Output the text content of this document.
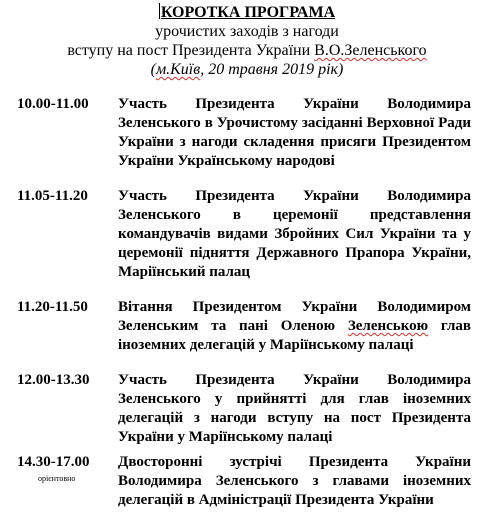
КОРОТКА ПРОГРАМА
урочистих заходів з нагоди
вступу на пост Президента України В.О.Зеленського
(м.Київ, 20 травня 2019 рік)
10.00-11.00 Участь Президента України Володимира Зеленського в Урочистому засіданні Верховної Ради України з нагоди складення присяги Президентом України Українському народові
11.05-11.20 Участь Президента України Володимира Зеленського в церемонії представлення командувачів видами Збройних Сил України та у церемонії підняття Державного Прапора України, Маріїнський палац
11.20-11.50 Вітання Президентом України Володимиром Зеленським та пані Оленою Зеленською глав іноземних делегацій у Маріїнському палаці
12.00-13.30 Участь Президента України Володимира Зеленського у прийнятті для глав іноземних делегацій з нагоди вступу на пост Президента України у Маріїнському палаці
14.30-17.00
орієнтовно
Двосторонні зустрічі Президента України Володимира Зеленського з главами іноземних делегацій в Адміністрації Президента України
